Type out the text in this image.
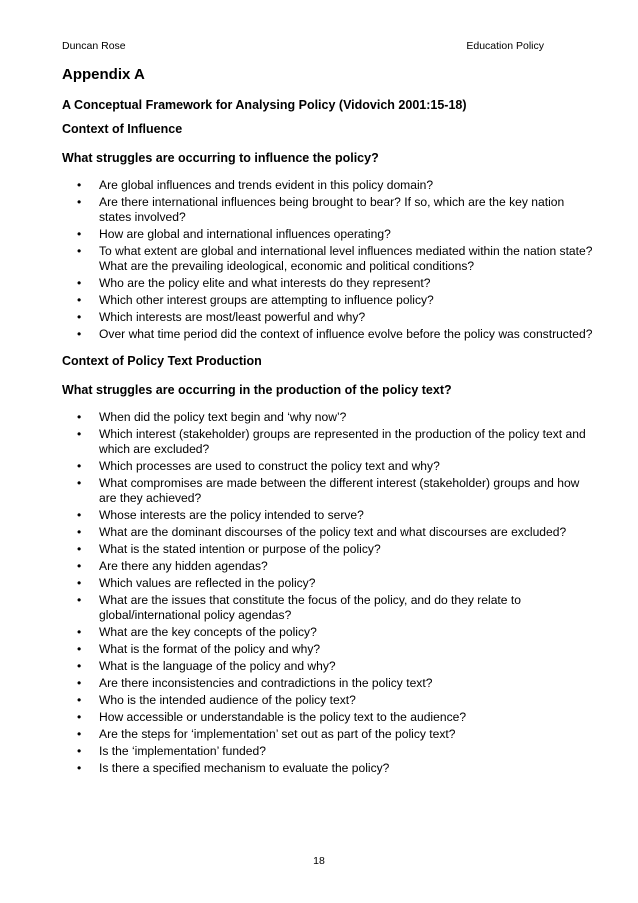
Duncan Rose	Education Policy
Appendix A
A Conceptual Framework for Analysing Policy (Vidovich 2001:15-18)
Context of Influence
What struggles are occurring to influence the policy?
• Are global influences and trends evident in this policy domain?
• Are there international influences being brought to bear? If so, which are the key nation states involved?
• How are global and international influences operating?
• To what extent are global and international level influences mediated within the nation state? What are the prevailing ideological, economic and political conditions?
• Who are the policy elite and what interests do they represent?
• Which other interest groups are attempting to influence policy?
• Which interests are most/least powerful and why?
• Over what time period did the context of influence evolve before the policy was constructed?
Context of Policy Text Production
What struggles are occurring in the production of the policy text?
• When did the policy text begin and ‘why now’?
• Which interest (stakeholder) groups are represented in the production of the policy text and which are excluded?
• Which processes are used to construct the policy text and why?
• What compromises are made between the different interest (stakeholder) groups and how are they achieved?
• Whose interests are the policy intended to serve?
• What are the dominant discourses of the policy text and what discourses are excluded?
• What is the stated intention or purpose of the policy?
• Are there any hidden agendas?
• Which values are reflected in the policy?
• What are the issues that constitute the focus of the policy, and do they relate to global/international policy agendas?
• What are the key concepts of the policy?
• What is the format of the policy and why?
• What is the language of the policy and why?
• Are there inconsistencies and contradictions in the policy text?
• Who is the intended audience of the policy text?
• How accessible or understandable is the policy text to the audience?
• Are the steps for ‘implementation’ set out as part of the policy text?
• Is the ‘implementation’ funded?
• Is there a specified mechanism to evaluate the policy?
18
